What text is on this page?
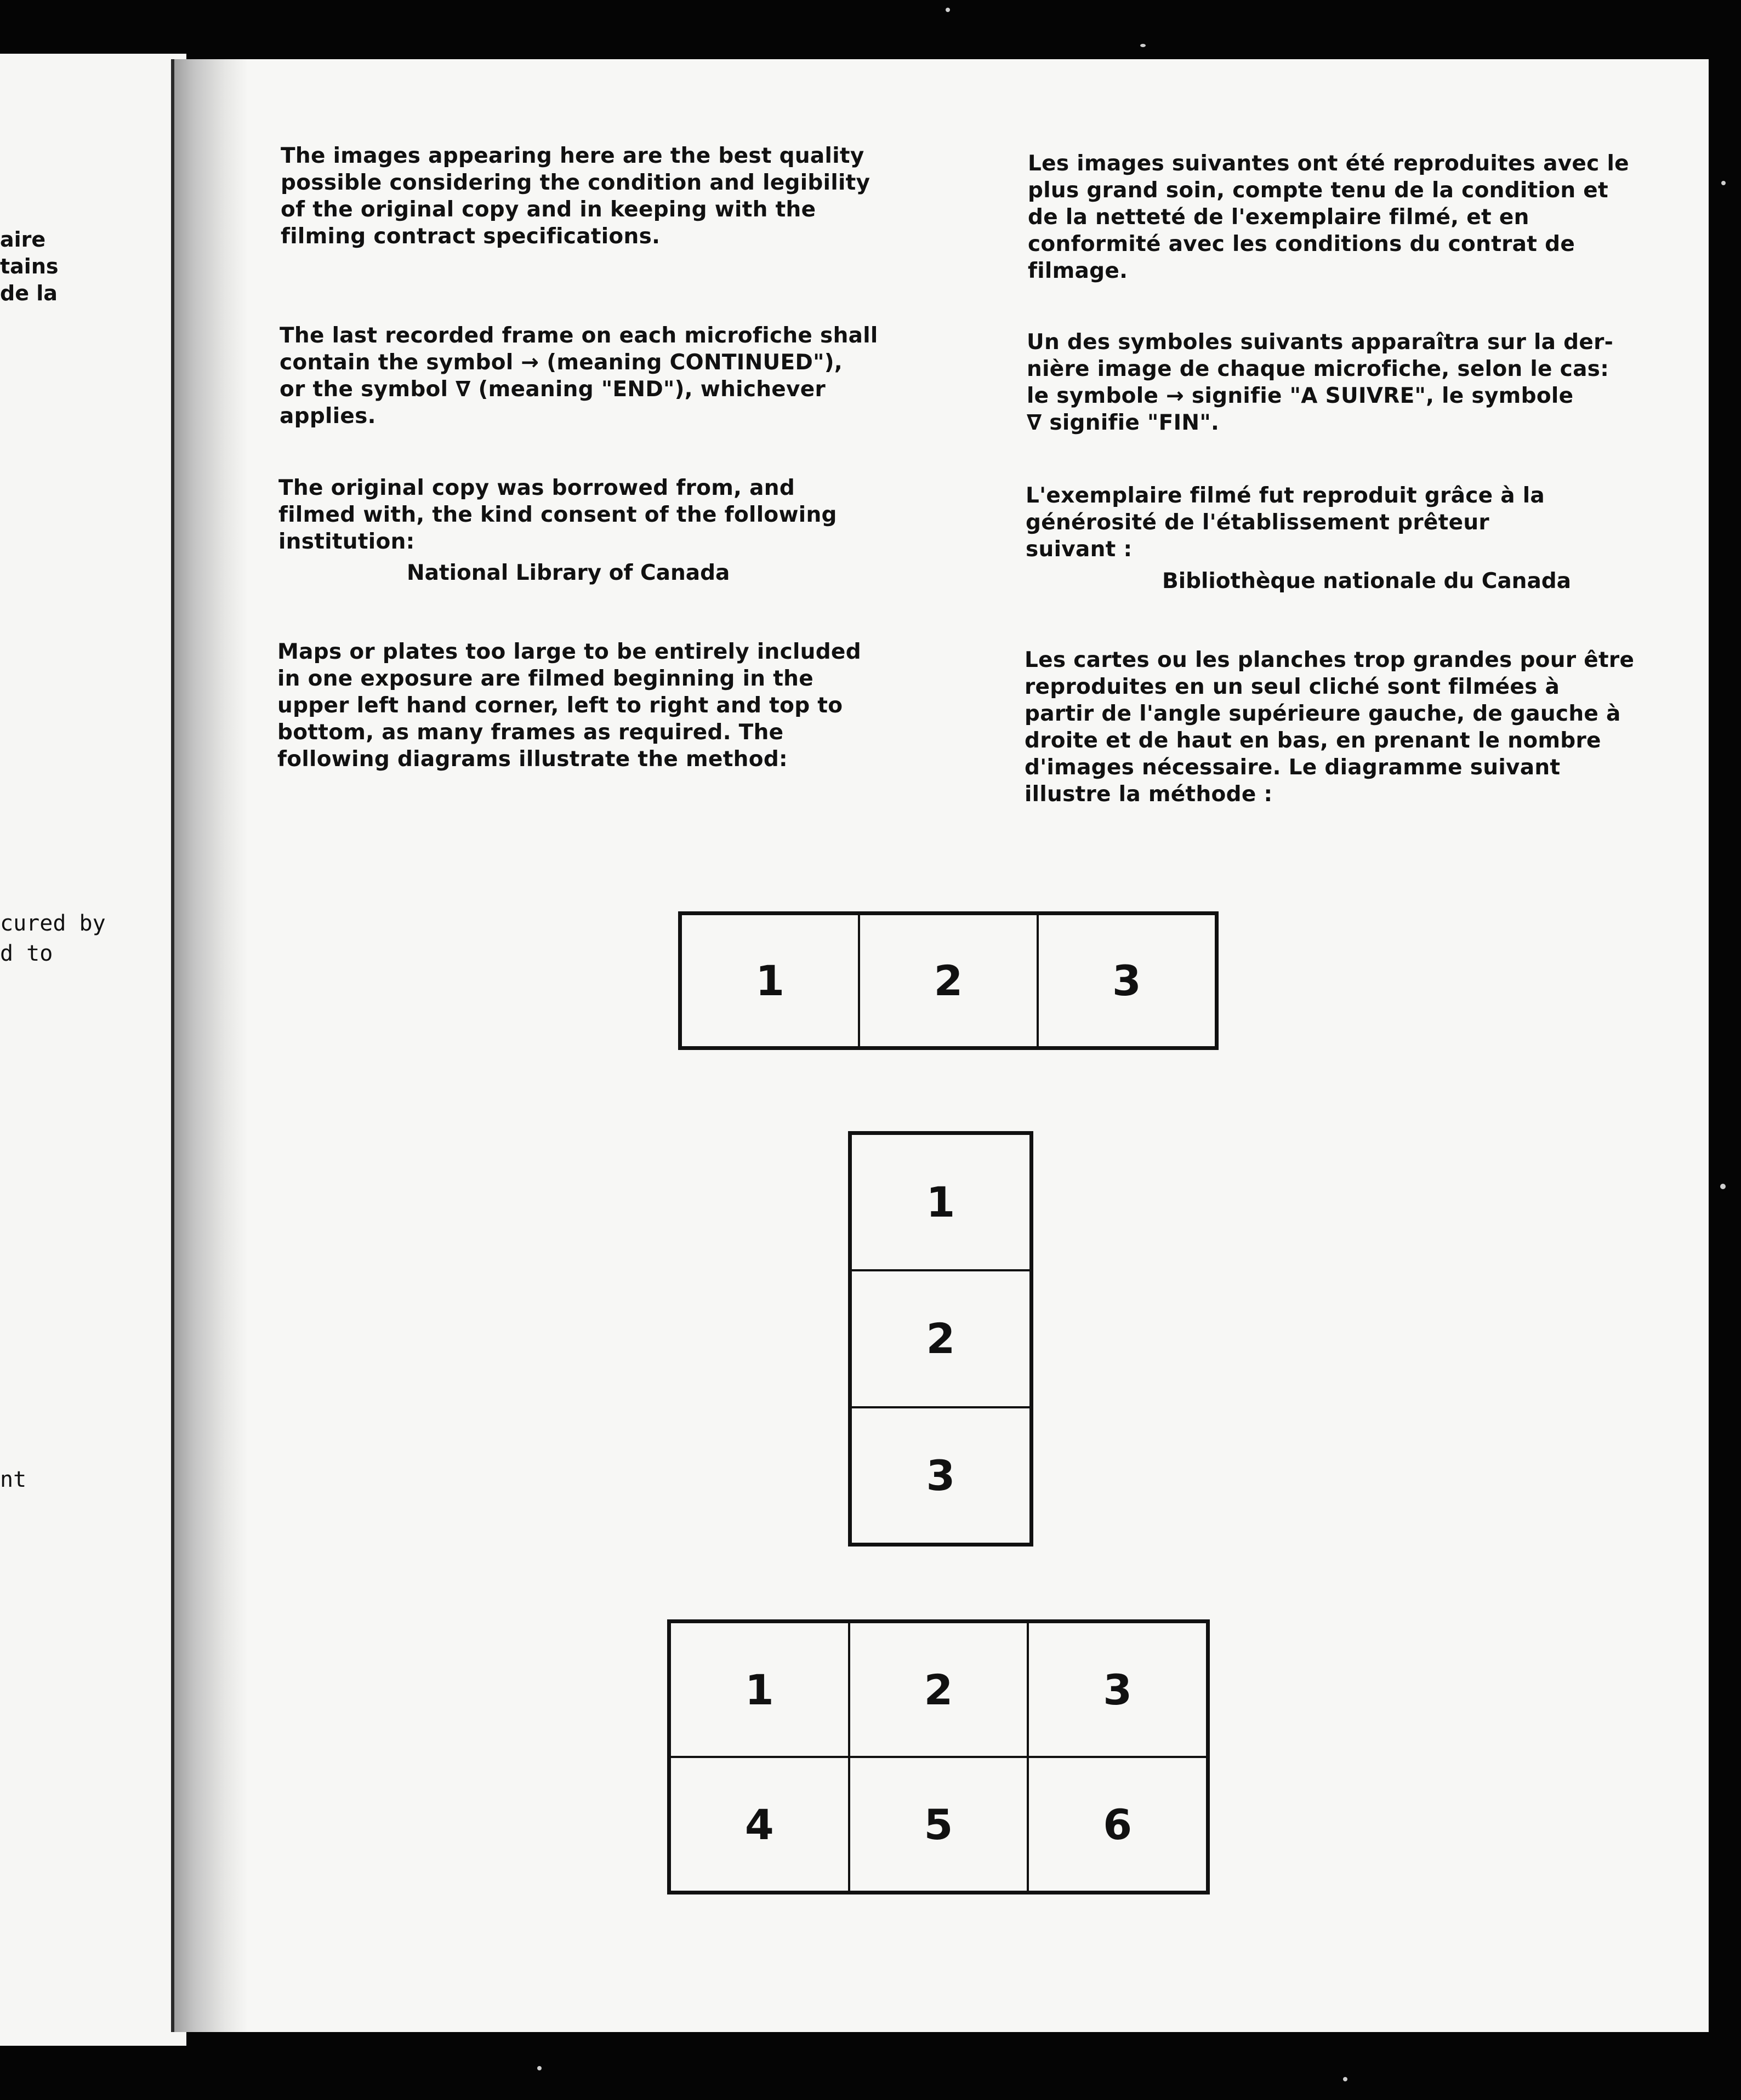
aire
tains
de la
cured by
d to
nt
The images appearing here are the best quality
possible considering the condition and legibility
of the original copy and in keeping with the
filming contract specifications.
The last recorded frame on each microfiche shall
contain the symbol → (meaning CONTINUED"),
or the symbol ∇ (meaning "END"), whichever
applies.
The original copy was borrowed from, and
filmed with, the kind consent of the following
institution:
National Library of Canada
Maps or plates too large to be entirely included
in one exposure are filmed beginning in the
upper left hand corner, left to right and top to
bottom, as many frames as required. The
following diagrams illustrate the method:
Les images suivantes ont été reproduites avec le
plus grand soin, compte tenu de la condition et
de la netteté de l'exemplaire filmé, et en
conformité avec les conditions du contrat de
filmage.
Un des symboles suivants apparaîtra sur la der-
nière image de chaque microfiche, selon le cas:
le symbole → signifie "A SUIVRE", le symbole
∇ signifie "FIN".
L'exemplaire filmé fut reproduit grâce à la
générosité de l'établissement prêteur
suivant :
Bibliothèque nationale du Canada
Les cartes ou les planches trop grandes pour être
reproduites en un seul cliché sont filmées à
partir de l'angle supérieure gauche, de gauche à
droite et de haut en bas, en prenant le nombre
d'images nécessaire. Le diagramme suivant
illustre la méthode :
1	2	3
1
2
3
1	2	3
4	5	6
